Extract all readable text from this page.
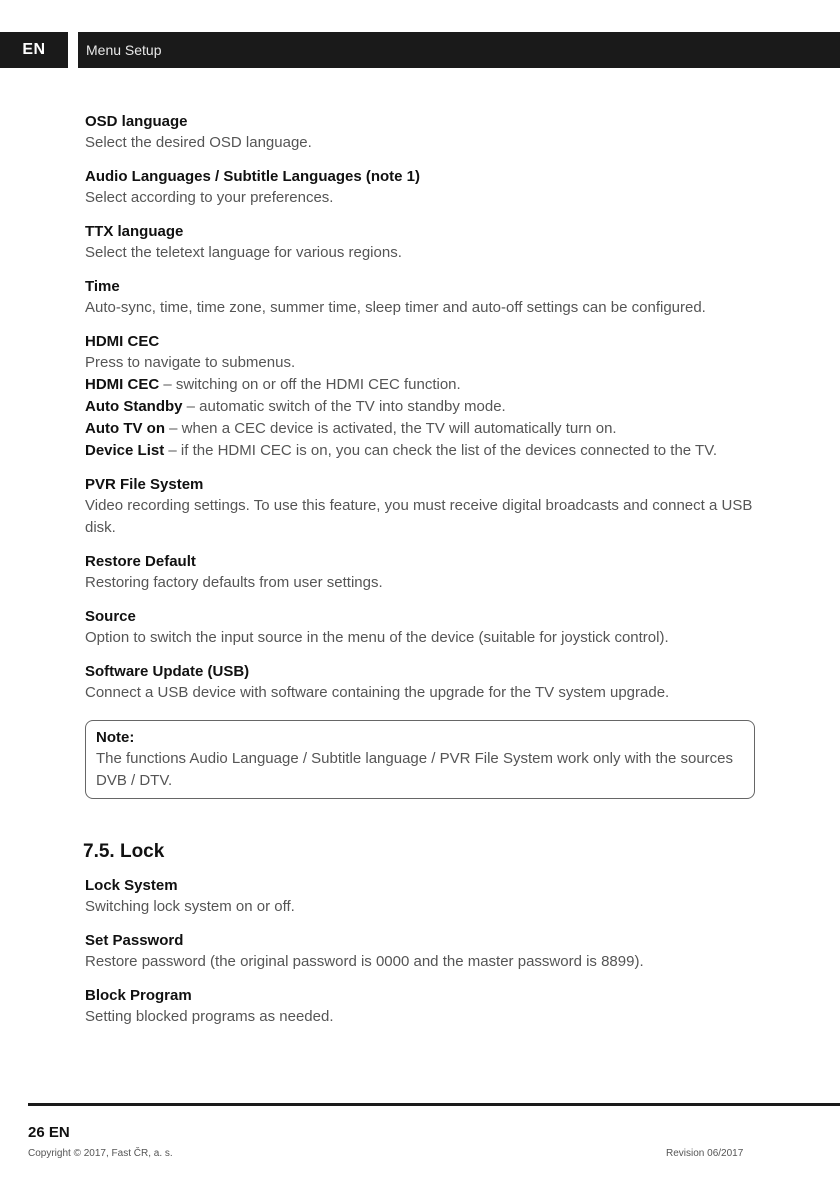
EN	Menu Setup
OSD language
Select the desired OSD language.
Audio Languages / Subtitle Languages (note 1)
Select according to your preferences.
TTX language
Select the teletext language for various regions.
Time
Auto-sync, time, time zone, summer time, sleep timer and auto-off settings can be configured.
HDMI CEC
Press to navigate to submenus.
HDMI CEC – switching on or off the HDMI CEC function.
Auto Standby – automatic switch of the TV into standby mode.
Auto TV on – when a CEC device is activated, the TV will automatically turn on.
Device List – if the HDMI CEC is on, you can check the list of the devices connected to the TV.
PVR File System
Video recording settings. To use this feature, you must receive digital broadcasts and connect a USB disk.
Restore Default
Restoring factory defaults from user settings.
Source
Option to switch the input source in the menu of the device (suitable for joystick control).
Software Update (USB)
Connect a USB device with software containing the upgrade for the TV system upgrade.
Note:
The functions Audio Language / Subtitle language / PVR File System work only with the sources DVB / DTV.
7.5. Lock
Lock System
Switching lock system on or off.
Set Password
Restore password (the original password is 0000 and the master password is 8899).
Block Program
Setting blocked programs as needed.
26 EN
Copyright © 2017, Fast ČR, a. s.	Revision 06/2017
